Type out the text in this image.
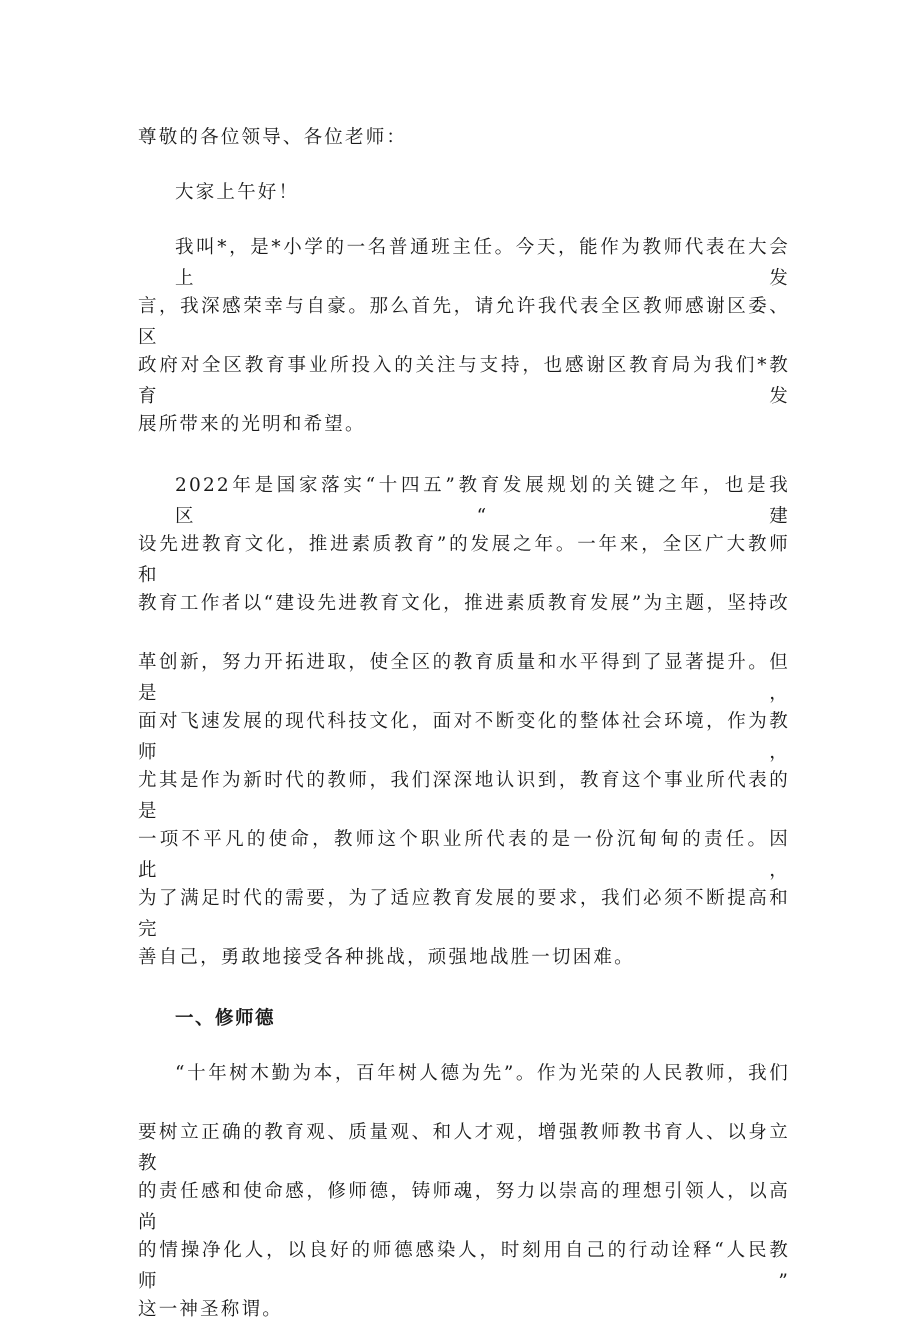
尊敬的各位领导、各位老师：
大家上午好！
我叫*，是*小学的一名普通班主任。今天，能作为教师代表在大会上发
言，我深感荣幸与自豪。那么首先，请允许我代表全区教师感谢区委、区
政府对全区教育事业所投入的关注与支持，也感谢区教育局为我们*教育发
展所带来的光明和希望。
2022年是国家落实“十四五”教育发展规划的关键之年，也是我区“建
设先进教育文化，推进素质教育”的发展之年。一年来，全区广大教师和
教育工作者以“建设先进教育文化，推进素质教育发展”为主题，坚持改
革创新，努力开拓进取，使全区的教育质量和水平得到了显著提升。但是，
面对飞速发展的现代科技文化，面对不断变化的整体社会环境，作为教师，
尤其是作为新时代的教师，我们深深地认识到，教育这个事业所代表的是
一项不平凡的使命，教师这个职业所代表的是一份沉甸甸的责任。因此，
为了满足时代的需要，为了适应教育发展的要求，我们必须不断提高和完
善自己，勇敢地接受各种挑战，顽强地战胜一切困难。
一、修师德
“十年树木勤为本，百年树人德为先”。作为光荣的人民教师，我们
要树立正确的教育观、质量观、和人才观，增强教师教书育人、以身立教
的责任感和使命感，修师德，铸师魂，努力以崇高的理想引领人，以高尚
的情操净化人，以良好的师德感染人，时刻用自己的行动诠释“人民教师”
这一神圣称谓。
